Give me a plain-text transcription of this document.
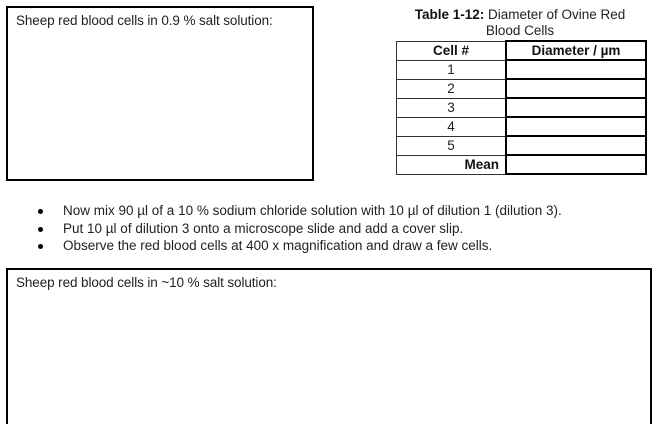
Sheep red blood cells in 0.9 % salt solution:	Table 1-12: Diameter of Ovine Red Blood Cells
Cell #	Diameter / µm
1	
2	
3	
4	
5	
Mean	
Now mix 90 µl of a 10 % sodium chloride solution with 10 µl of dilution 1 (dilution 3).
Put 10 µl of dilution 3 onto a microscope slide and add a cover slip.
Observe the red blood cells at 400 x magnification and draw a few cells.
Sheep red blood cells in ~10 % salt solution:
